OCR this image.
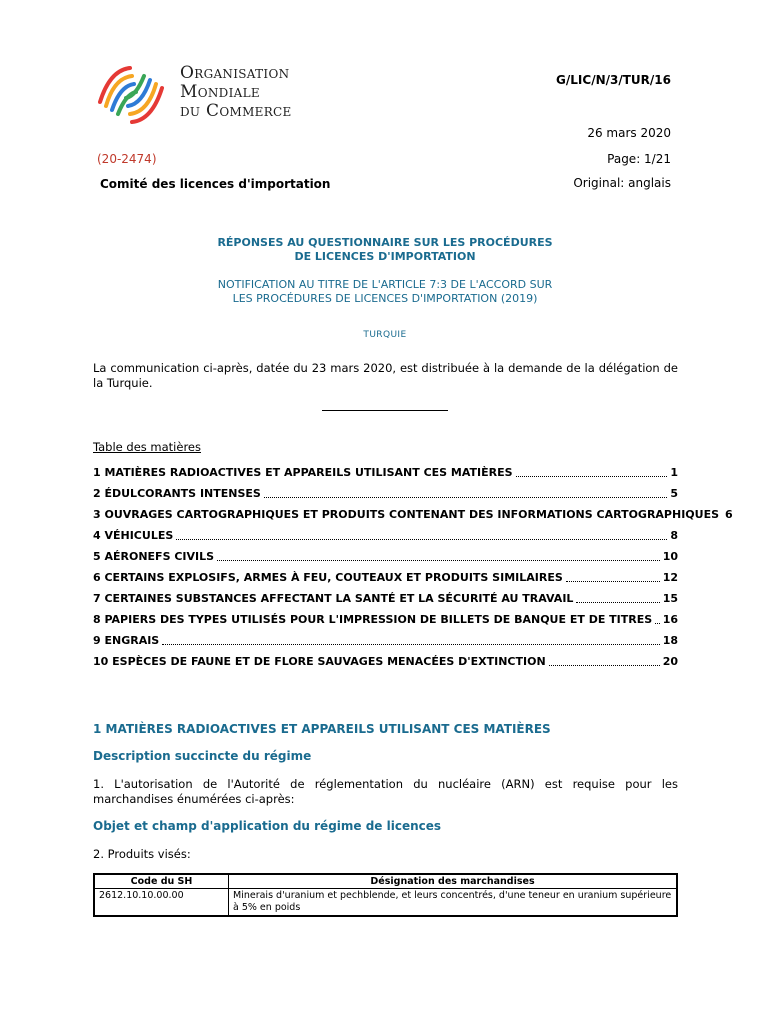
Organisation
Mondiale
du Commerce
G/LIC/N/3/TUR/16
26 mars 2020
(20-2474)	Page: 1/21
Comité des licences d'importation	Original: anglais
RÉPONSES AU QUESTIONNAIRE SUR LES PROCÉDURES
DE LICENCES D'IMPORTATION
NOTIFICATION AU TITRE DE L'ARTICLE 7:3 DE L'ACCORD SUR
LES PROCÉDURES DE LICENCES D'IMPORTATION (2019)
TURQUIE
La communication ci-après, datée du 23 mars 2020, est distribuée à la demande de la délégation de la Turquie.
Table des matières
1 MATIÈRES RADIOACTIVES ET APPAREILS UTILISANT CES MATIÈRES	1
2 ÉDULCORANTS INTENSES	5
3 OUVRAGES CARTOGRAPHIQUES ET PRODUITS CONTENANT DES INFORMATIONS CARTOGRAPHIQUES 6
4 VÉHICULES	8
5 AÉRONEFS CIVILS	10
6 CERTAINS EXPLOSIFS, ARMES À FEU, COUTEAUX ET PRODUITS SIMILAIRES	12
7 CERTAINES SUBSTANCES AFFECTANT LA SANTÉ ET LA SÉCURITÉ AU TRAVAIL	15
8 PAPIERS DES TYPES UTILISÉS POUR L'IMPRESSION DE BILLETS DE BANQUE ET DE TITRES 16
9 ENGRAIS	18
10 ESPÈCES DE FAUNE ET DE FLORE SAUVAGES MENACÉES D'EXTINCTION	20
1 MATIÈRES RADIOACTIVES ET APPAREILS UTILISANT CES MATIÈRES
Description succincte du régime
1. L'autorisation de l'Autorité de réglementation du nucléaire (ARN) est requise pour les marchandises énumérées ci-après:
Objet et champ d'application du régime de licences
2. Produits visés:
Code du SH	Désignation des marchandises
2612.10.10.00.00	Minerais d'uranium et pechblende, et leurs concentrés, d'une teneur en uranium supérieure à 5% en poids
